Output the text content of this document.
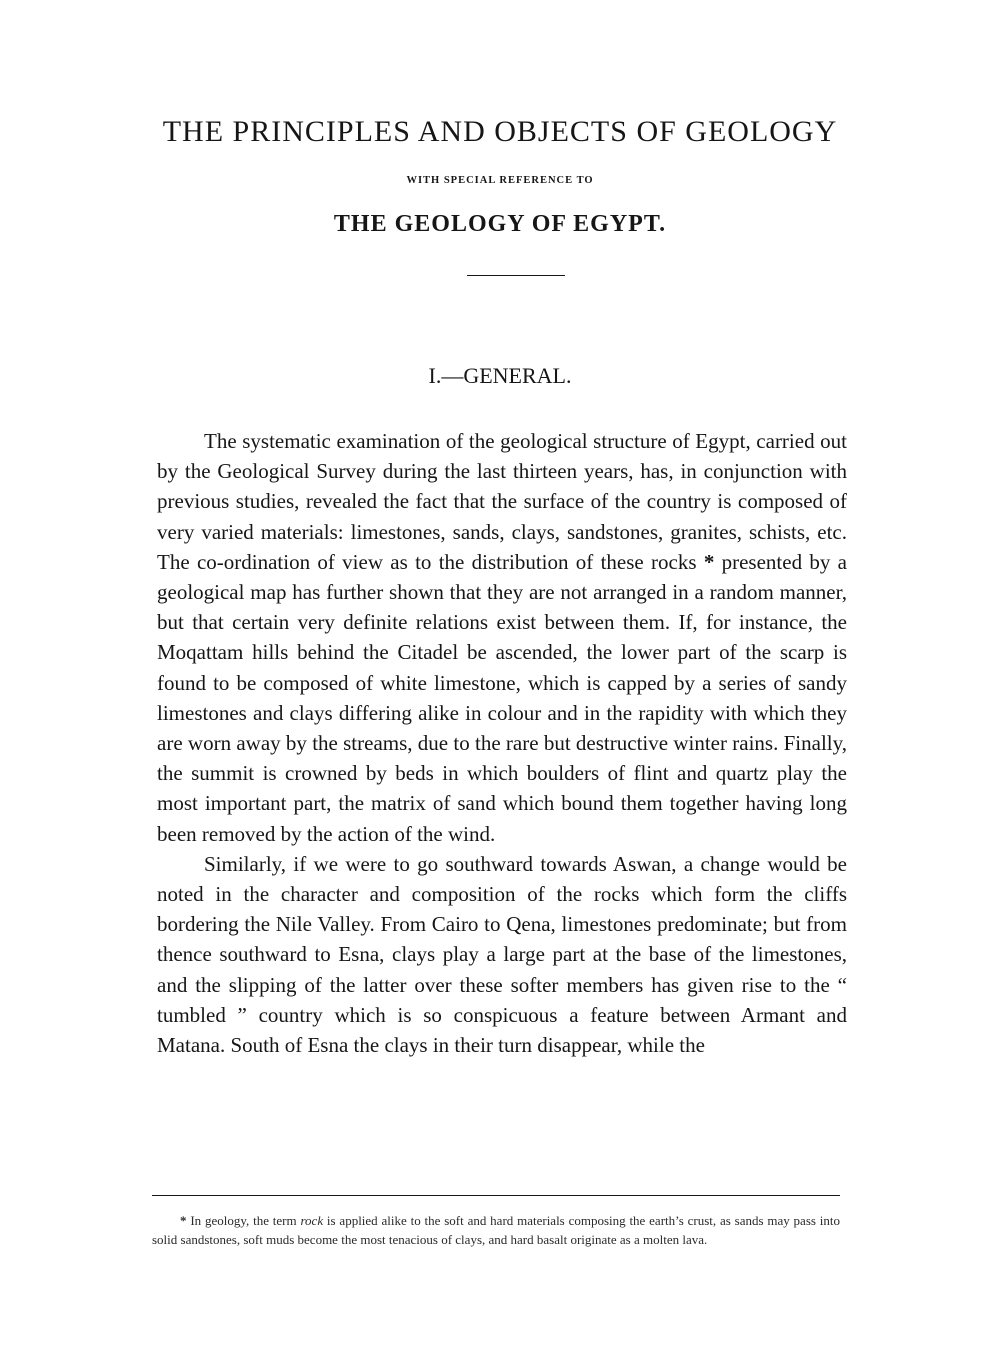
THE PRINCIPLES AND OBJECTS OF GEOLOGY
WITH SPECIAL REFERENCE TO
THE GEOLOGY OF EGYPT.
I.—GENERAL.

The systematic examination of the geological structure of Egypt, carried out by the Geological Survey during the last thirteen years, has, in conjunction with previous studies, revealed the fact that the surface of the country is composed of very varied materials: limestones, sands, clays, sandstones, granites, schists, etc. The co-ordination of view as to the distribution of these rocks * presented by a geological map has further shown that they are not arranged in a random manner, but that certain very definite relations exist between them. If, for instance, the Moqattam hills behind the Citadel be ascended, the lower part of the scarp is found to be composed of white limestone, which is capped by a series of sandy limestones and clays differing alike in colour and in the rapidity with which they are worn away by the streams, due to the rare but destructive winter rains. Finally, the summit is crowned by beds in which boulders of flint and quartz play the most important part, the matrix of sand which bound them together having long been removed by the action of the wind.

Similarly, if we were to go southward towards Aswan, a change would be noted in the character and composition of the rocks which form the cliffs bordering the Nile Valley. From Cairo to Qena, limestones predominate; but from thence southward to Esna, clays play a large part at the base of the limestones, and the slipping of the latter over these softer members has given rise to the “ tumbled ” country which is so conspicuous a feature between Armant and Matana. South of Esna the clays in their turn disappear, while the

* In geology, the term rock is applied alike to the soft and hard materials composing the earth’s crust, as sands may pass into solid sandstones, soft muds become the most tenacious of clays, and hard basalt originate as a molten lava.
